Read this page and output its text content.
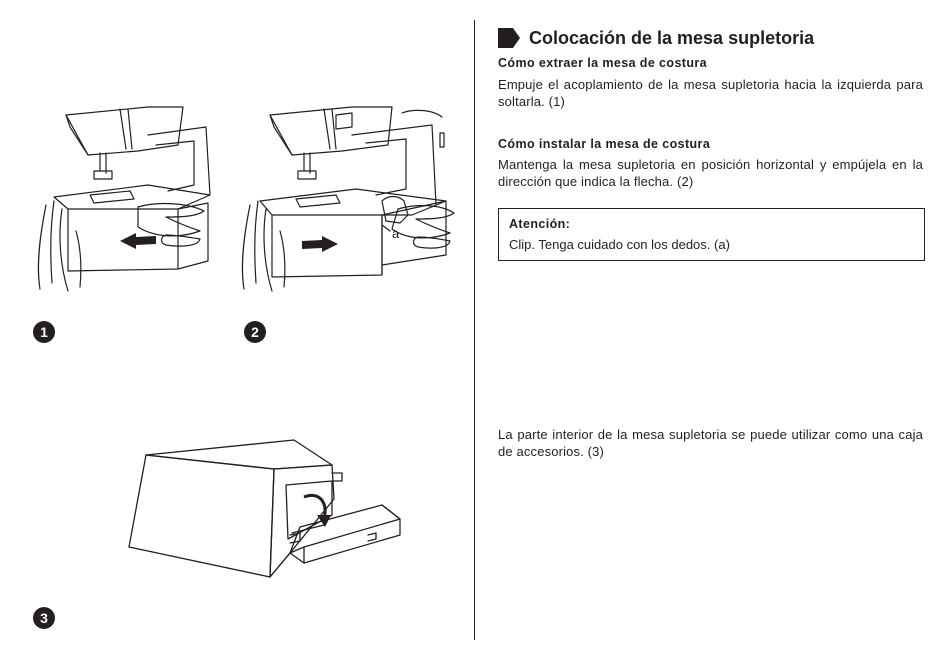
1
a
2
3
Colocación de la mesa supletoria
Cómo extraer la mesa de costura
Empuje el acoplamiento de la mesa supletoria hacia la izquierda para soltarla. (1)
Cómo instalar la mesa de costura
Mantenga la mesa supletoria en posición horizontal y empújela en la dirección que indica la flecha. (2)
Atención:
Clip. Tenga cuidado con los dedos. (a)
La parte interior de la mesa supletoria se puede utilizar como una caja de accesorios. (3)
